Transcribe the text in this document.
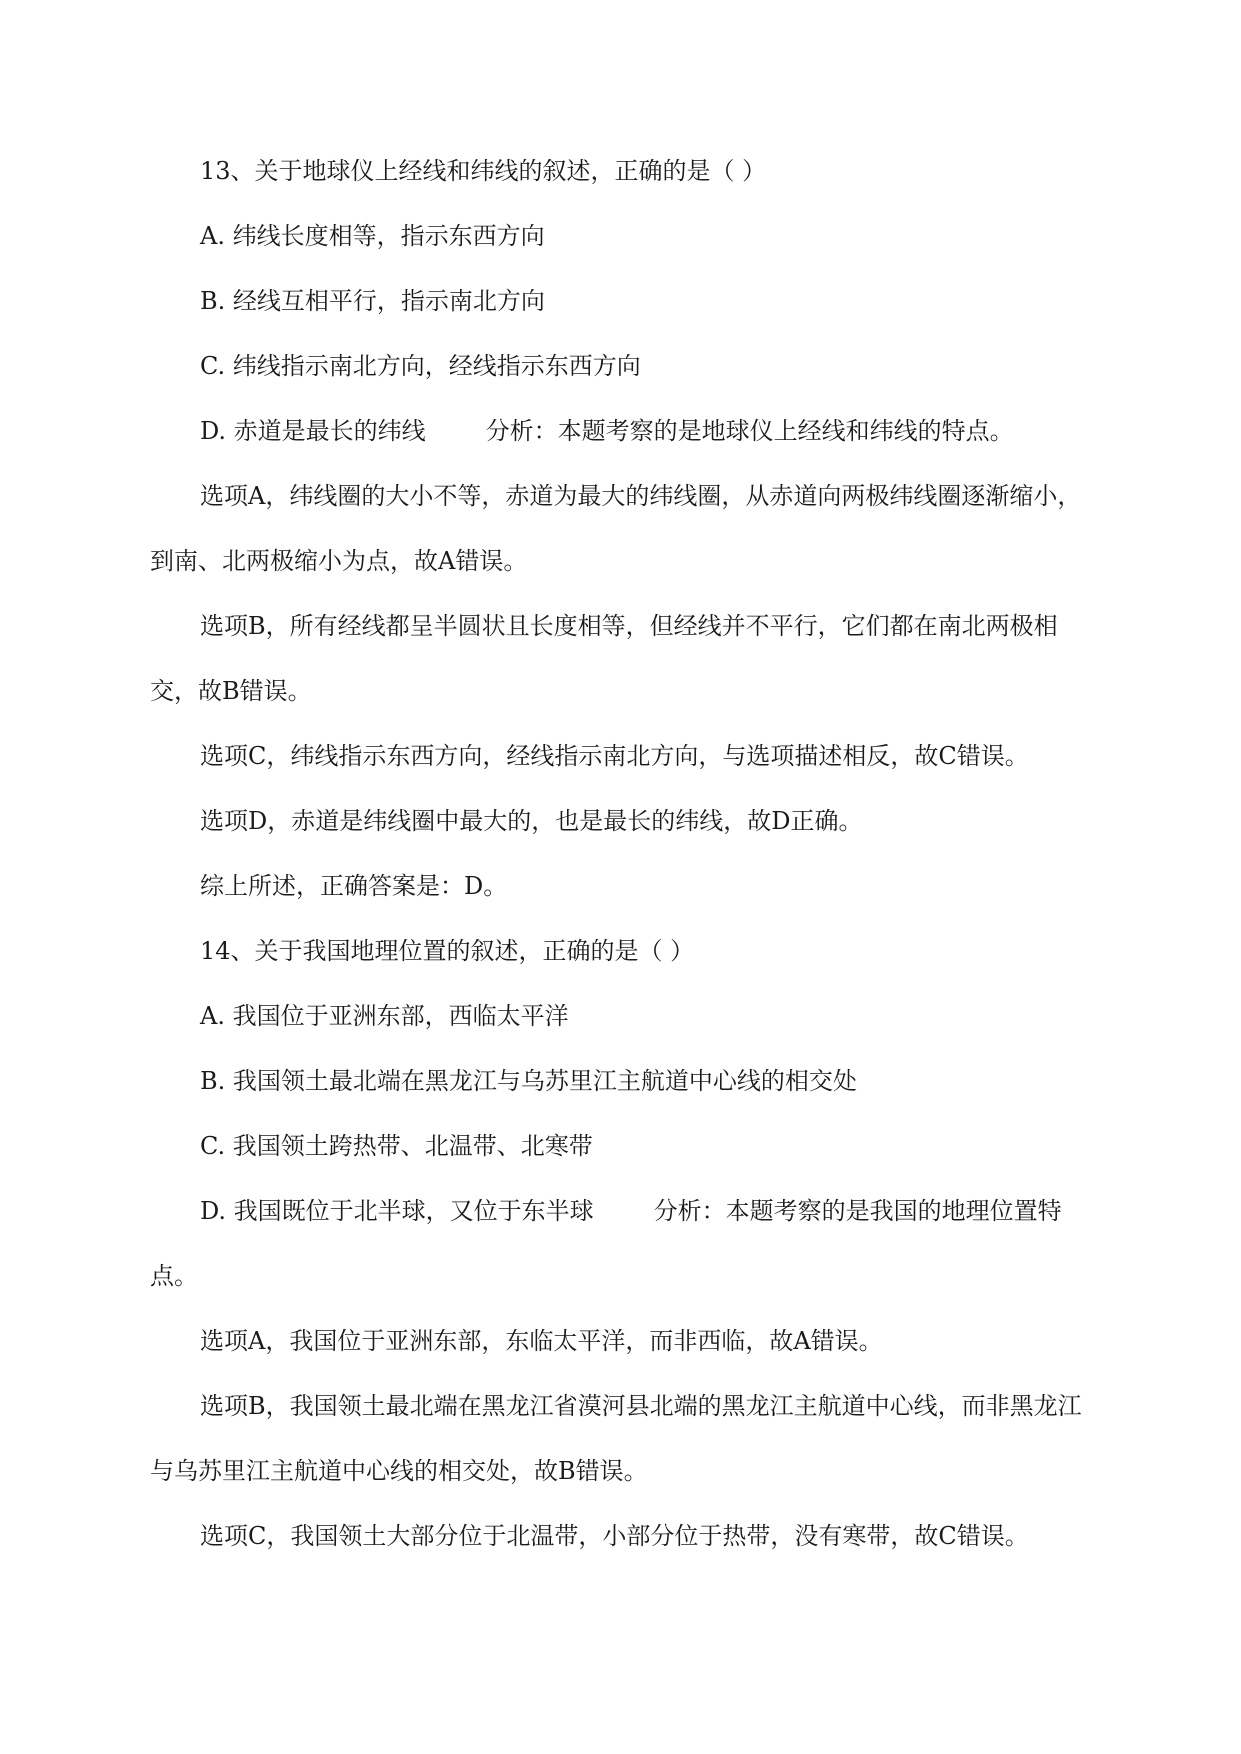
13、关于地球仪上经线和纬线的叙述，正确的是（ ）

A. 纬线长度相等，指示东西方向

B. 经线互相平行，指示南北方向

C. 纬线指示南北方向，经线指示东西方向

D. 赤道是最长的纬线	分析：本题考察的是地球仪上经线和纬线的特点。

选项A，纬线圈的大小不等，赤道为最大的纬线圈，从赤道向两极纬线圈逐渐缩小，到南、北两极缩小为点，故A错误。

选项B，所有经线都呈半圆状且长度相等，但经线并不平行，它们都在南北两极相交，故B错误。

选项C，纬线指示东西方向，经线指示南北方向，与选项描述相反，故C错误。

选项D，赤道是纬线圈中最大的，也是最长的纬线，故D正确。

综上所述，正确答案是：D。

14、关于我国地理位置的叙述，正确的是（ ）

A. 我国位于亚洲东部，西临太平洋

B. 我国领土最北端在黑龙江与乌苏里江主航道中心线的相交处

C. 我国领土跨热带、北温带、北寒带

D. 我国既位于北半球，又位于东半球	分析：本题考察的是我国的地理位置特点。

选项A，我国位于亚洲东部，东临太平洋，而非西临，故A错误。

选项B，我国领土最北端在黑龙江省漠河县北端的黑龙江主航道中心线，而非黑龙江与乌苏里江主航道中心线的相交处，故B错误。

选项C，我国领土大部分位于北温带，小部分位于热带，没有寒带，故C错误。
